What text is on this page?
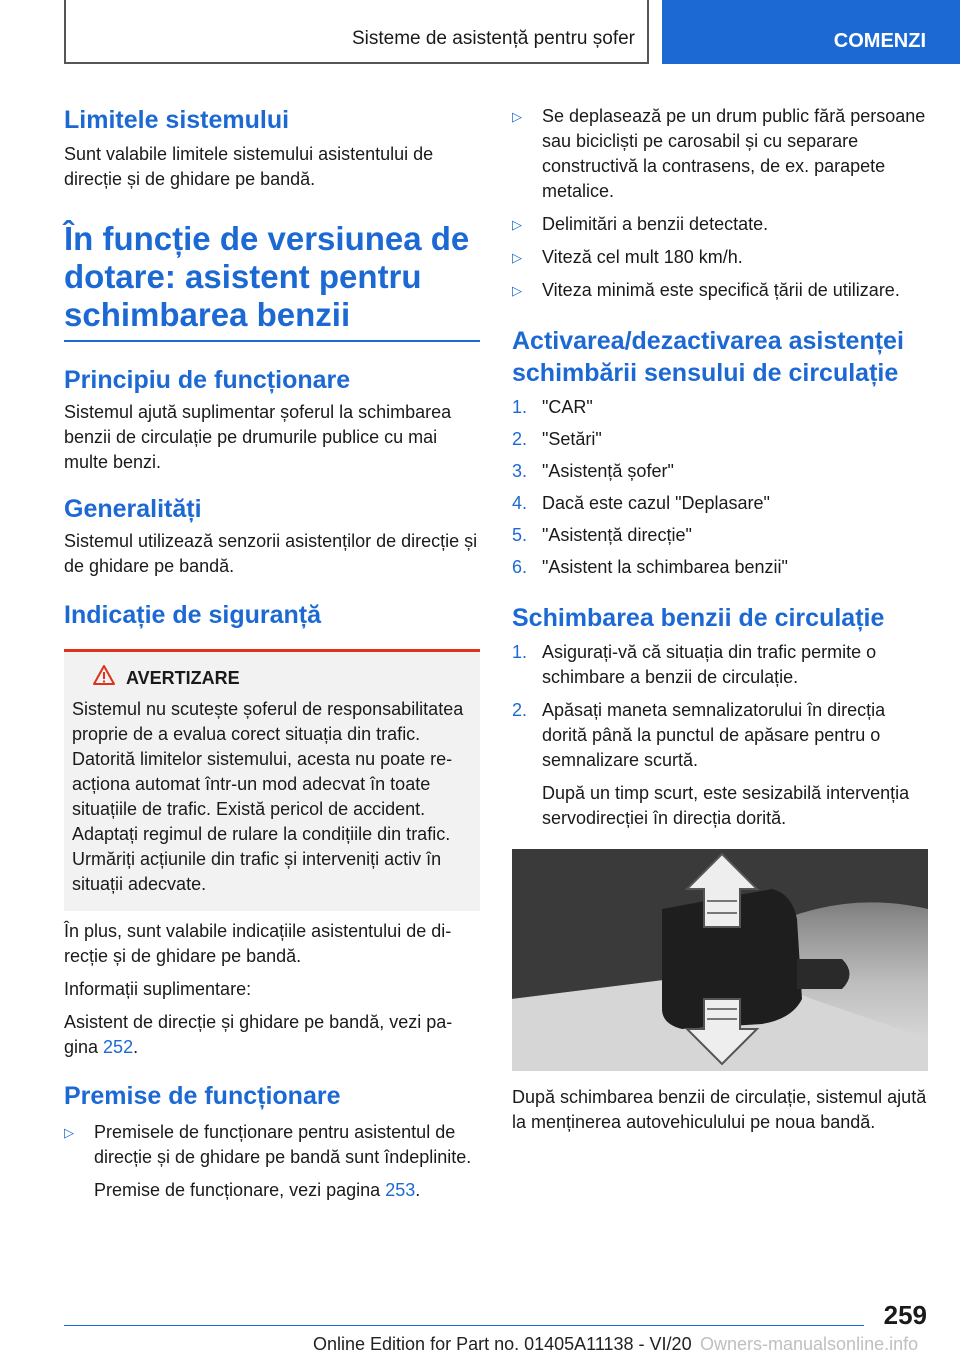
Sisteme de asistență pentru șofer	COMENZI
Limitele sistemului

Sunt valabile limitele sistemului asistentului de direcție și de ghidare pe bandă.

În funcție de versiunea de dotare: asistent pentru schimbarea benzii
Principiu de funcționare

Sistemul ajută suplimentar șoferul la schimbarea benzii de circulație pe drumurile publice cu mai multe benzi.

Generalități

Sistemul utilizează senzorii asistenților de direcție și de ghidare pe bandă.

Indicație de siguranță
AVERTIZARE

Sistemul nu scutește șoferul de responsabilitatea proprie de a evalua corect situația din trafic. Datorită limitelor sistemului, acesta nu poate reacționa automat într-un mod adecvat în toate situațiile de trafic. Există pericol de accident. Adaptați regimul de rulare la condițiile din trafic. Urmăriți acțiunile din trafic și interveniți activ în situații adecvate.

În plus, sunt valabile indicațiile asistentului de direcție și de ghidare pe bandă.

Informații suplimentare:

Asistent de direcție și ghidare pe bandă, vezi pagina 252.

Premise de funcționare
▷	Premisele de funcționare pentru asistentul de direcție și de ghidare pe bandă sunt îndeplinite.

Premise de funcționare, vezi pagina 253.

▷	Se deplasează pe un drum public fără persoane sau bicicliști pe carosabil și cu separare constructivă la contrasens, de ex. parapete metalice.
▷	Delimitări a benzii detectate.
▷	Viteză cel mult 180 km/h.
▷	Viteza minimă este specifică țării de utilizare.
Activarea/dezactivarea asistenței schimbării sensului de circulație
1. "CAR"
2. "Setări"
3. "Asistență șofer"
4. Dacă este cazul "Deplasare"
5. "Asistență direcție"
6. "Asistent la schimbarea benzii"
Schimbarea benzii de circulație
1. Asigurați-vă că situația din trafic permite o schimbare a benzii de circulație.
2. Apăsați maneta semnalizatorului în direcția dorită până la punctul de apăsare pentru o semnalizare scurtă.

După un timp scurt, este sesizabilă intervenția servodirecției în direcția dorită.

După schimbarea benzii de circulație, sistemul ajută la menținerea autovehiculului pe noua bandă.

259
Online Edition for Part no. 01405A11138 - VI/20 Owners-manualsonline.info
